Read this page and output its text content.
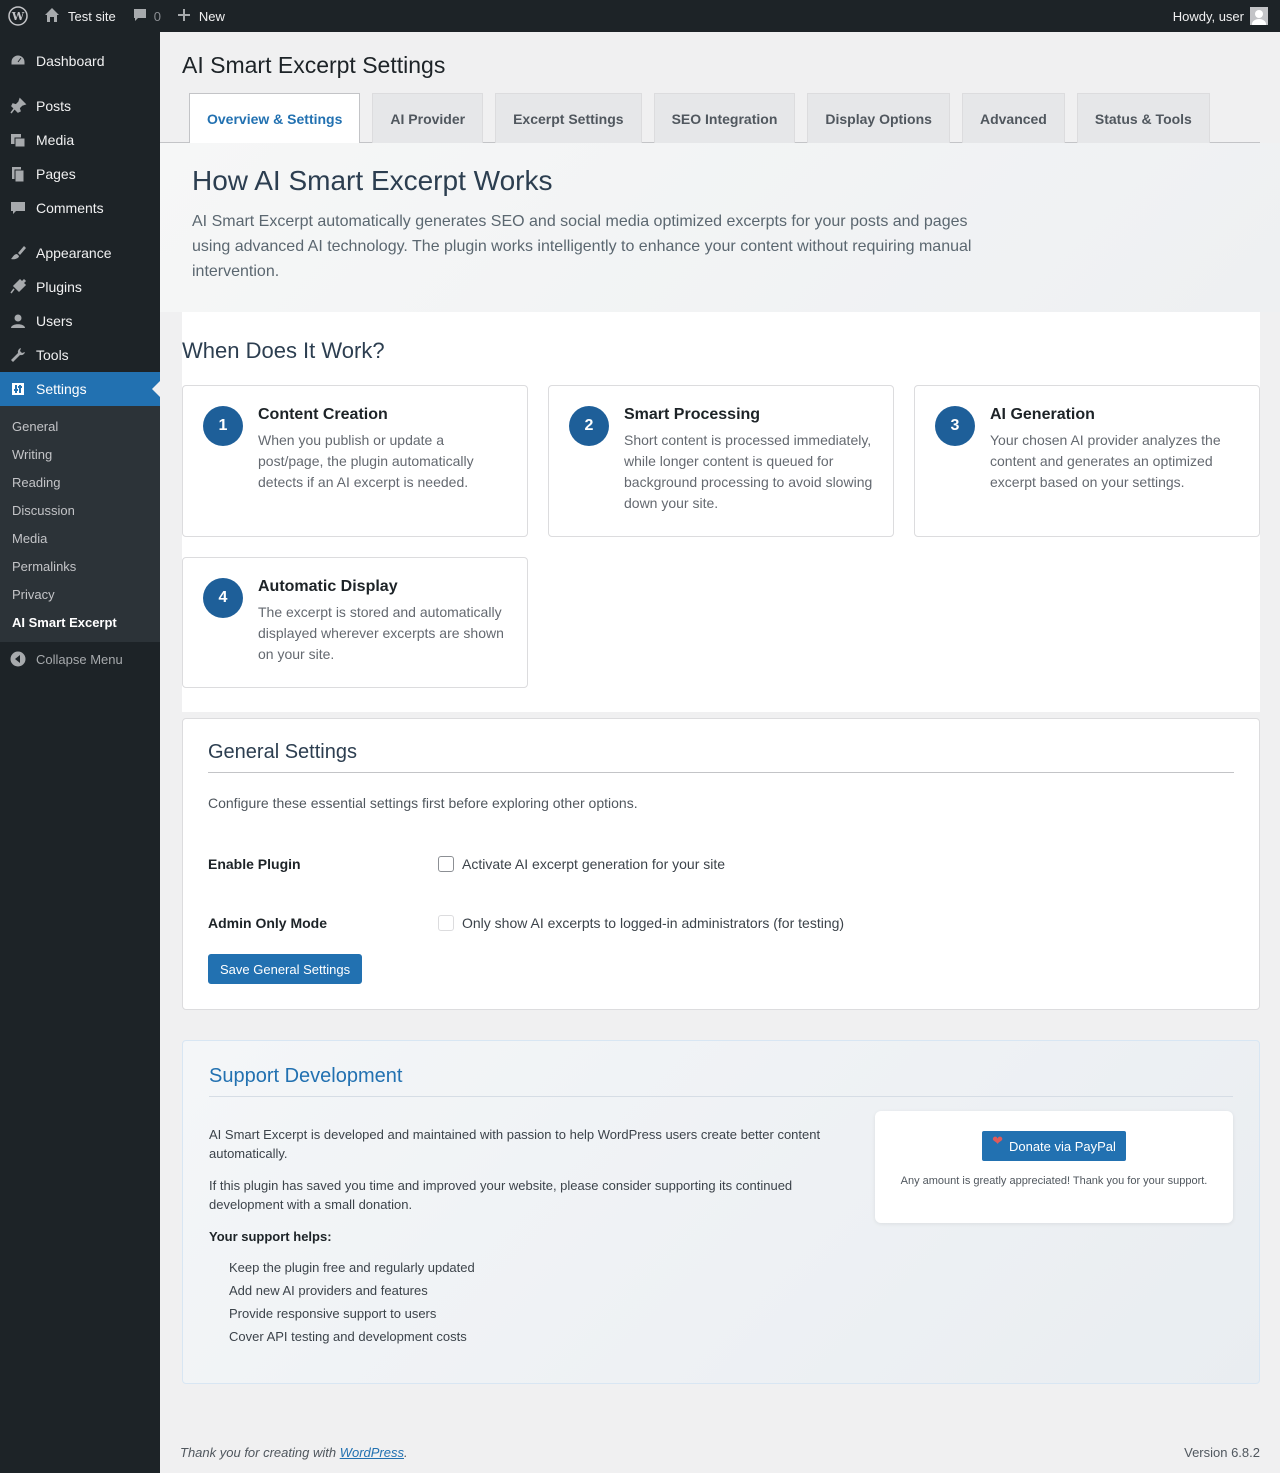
W	Test site	0	New	Howdy, user
Dashboard
Posts
Media
Pages
Comments
Appearance
Plugins
Users
Tools
Settings
General
Writing
Reading
Discussion
Media
Permalinks
Privacy
AI Smart Excerpt
Collapse Menu
AI Smart Excerpt Settings
Overview & Settings	AI Provider	Excerpt Settings	SEO Integration	Display Options	Advanced	Status & Tools
How AI Smart Excerpt Works

AI Smart Excerpt automatically generates SEO and social media optimized excerpts for your posts and pages using advanced AI technology. The plugin works intelligently to enhance your content without requiring manual intervention.

When Does It Work?
1
Content Creation

When you publish or update a post/page, the plugin automatically detects if an AI excerpt is needed.

2
Smart Processing

Short content is processed immediately, while longer content is queued for background processing to avoid slowing down your site.

3
AI Generation

Your chosen AI provider analyzes the content and generates an optimized excerpt based on your settings.

4
Automatic Display

The excerpt is stored and automatically displayed wherever excerpts are shown on your site.

General Settings

Configure these essential settings first before exploring other options.

Enable Plugin	Activate AI excerpt generation for your site
Admin Only Mode	Only show AI excerpts to logged-in administrators (for testing)
Save General Settings
Support Development

AI Smart Excerpt is developed and maintained with passion to help WordPress users create better content automatically.

If this plugin has saved you time and improved your website, please consider supporting its continued development with a small donation.

Your support helps:

Keep the plugin free and regularly updated
Add new AI providers and features
Provide responsive support to users
Cover API testing and development costs
❤ Donate via PayPal

Any amount is greatly appreciated! Thank you for your support.

Thank you for creating with WordPress.	Version 6.8.2
